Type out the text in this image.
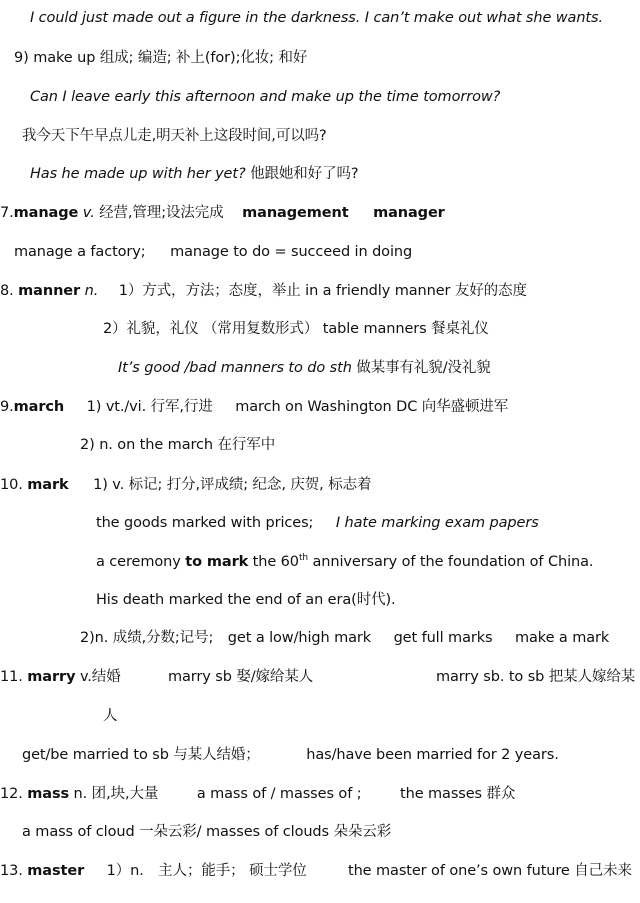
I could just made out a figure in the darkness. I can’t make out what she wants.
9) make up 组成; 编造; 补上(for);化妆; 和好
Can I leave early this afternoon and make up the time tomorrow?
我今天下午早点儿走,明天补上这段时间,可以吗?
Has he made up with her yet? 他跟她和好了吗?
7.manage v. 经营,管理;设法完成 management manager
manage a factory; manage to do = succeed in doing
8. manner n. 1）方式，方法；态度，举止 in a friendly manner 友好的态度
2）礼貌，礼仪 （常用复数形式） table manners 餐桌礼仪
It’s good /bad manners to do sth 做某事有礼貌/没礼貌
9.march 1) vt./vi. 行军,行进 march on Washington DC 向华盛顿进军
2) n. on the march 在行军中
10. mark 1) v. 标记; 打分,评成绩; 纪念, 庆贺, 标志着
the goods marked with prices; I hate marking exam papers
a ceremony to mark the 60th anniversary of the foundation of China.
His death marked the end of an era(时代).
2)n. 成绩,分数;记号; get a low/high mark get full marks make a mark
11. marry v.结婚	marry sb 娶/嫁给某人	marry sb. to sb 把某人嫁给某
人
get/be married to sb 与某人结婚；	has/have been married for 2 years.
12. mass n. 团,块,大量	a mass of / masses of ;	the masses 群众
a mass of cloud 一朵云彩/ masses of clouds 朵朵云彩
13. master 1）n． 主人；能手； 硕士学位	the master of one’s own future 自己未来
